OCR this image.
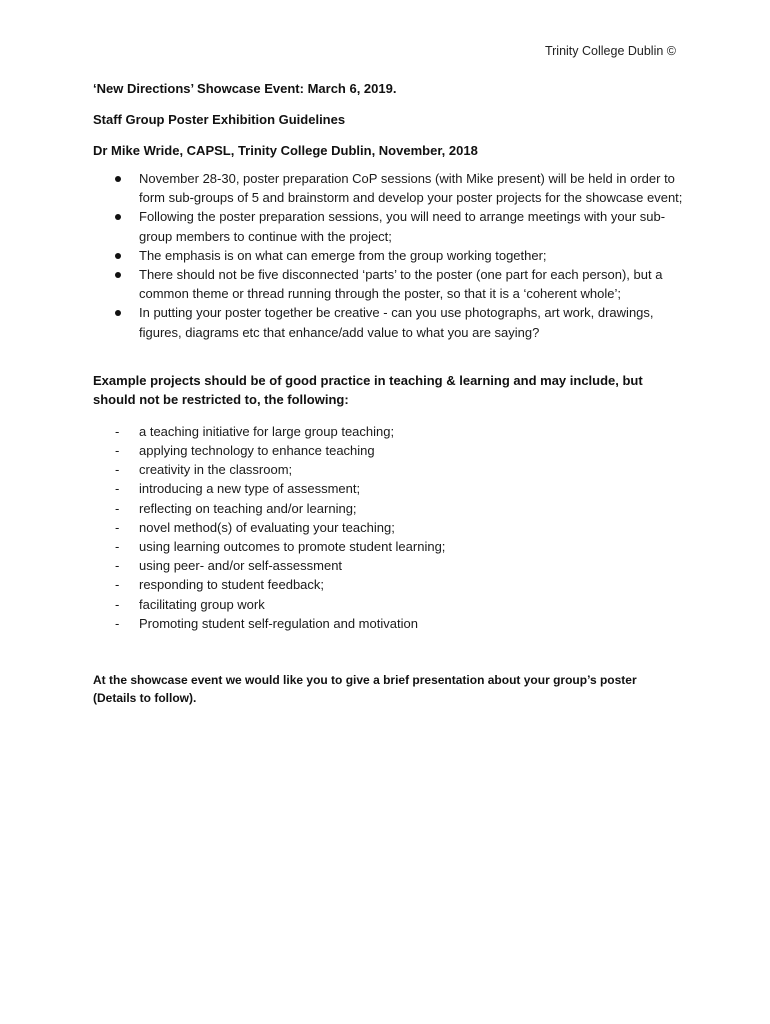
Trinity College Dublin ©

‘New Directions’ Showcase Event: March 6, 2019.

Staff Group Poster Exhibition Guidelines

Dr Mike Wride, CAPSL, Trinity College Dublin, November, 2018

November 28-30, poster preparation CoP sessions (with Mike present) will be held in order to form sub-groups of 5 and brainstorm and develop your poster projects for the showcase event;
Following the poster preparation sessions, you will need to arrange meetings with your sub-group members to continue with the project;
The emphasis is on what can emerge from the group working together;
There should not be five disconnected ‘parts’ to the poster (one part for each person), but a common theme or thread running through the poster, so that it is a ‘coherent whole’;
In putting your poster together be creative - can you use photographs, art work, drawings, figures, diagrams etc that enhance/add value to what you are saying?

Example projects should be of good practice in teaching & learning and may include, but should not be restricted to, the following:

- a teaching initiative for large group teaching;
- applying technology to enhance teaching
- creativity in the classroom;
- introducing a new type of assessment;
- reflecting on teaching and/or learning;
- novel method(s) of evaluating your teaching;
- using learning outcomes to promote student learning;
- using peer- and/or self-assessment
- responding to student feedback;
- facilitating group work
- Promoting student self-regulation and motivation

At the showcase event we would like you to give a brief presentation about your group’s poster (Details to follow).
